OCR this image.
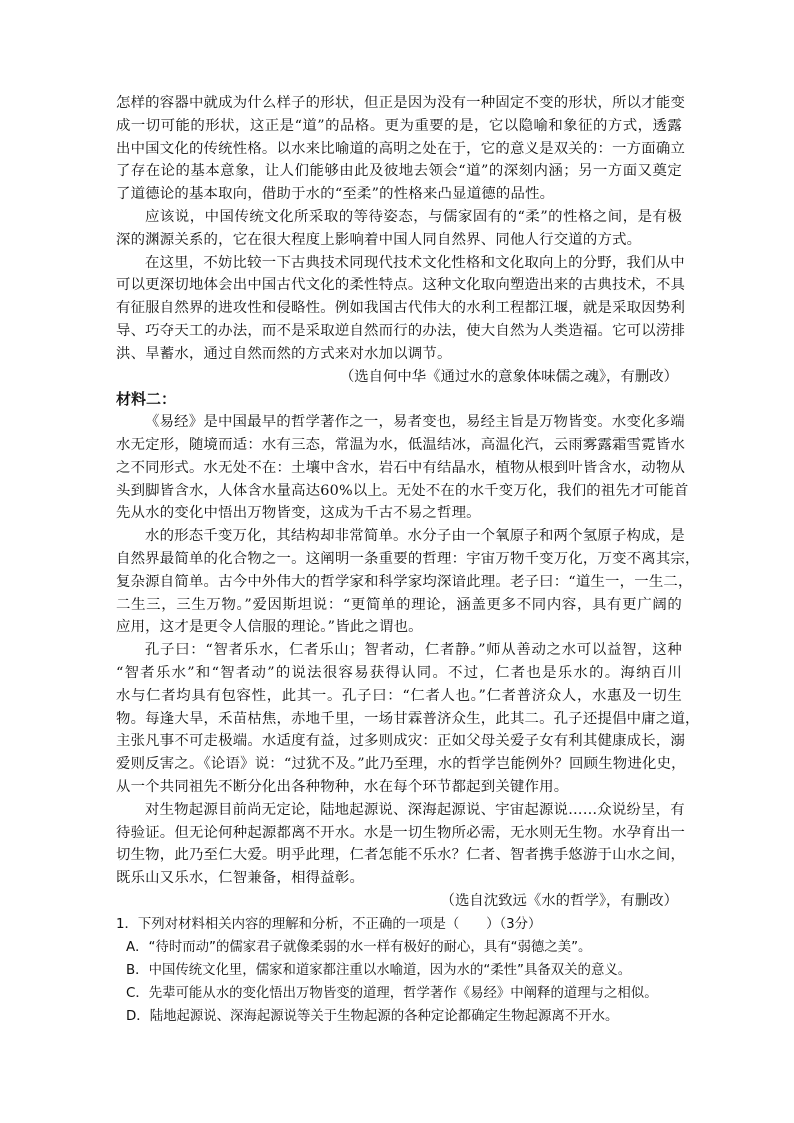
怎样的容器中就成为什么样子的形状，但正是因为没有一种固定不变的形状，所以才能变
成一切可能的形状，这正是“道”的品格。更为重要的是，它以隐喻和象征的方式，透露
出中国文化的传统性格。以水来比喻道的高明之处在于，它的意义是双关的：一方面确立
了存在论的基本意象，让人们能够由此及彼地去领会“道”的深刻内涵；另一方面又奠定
了道德论的基本取向，借助于水的“至柔”的性格来凸显道德的品性。
应该说，中国传统文化所采取的等待姿态，与儒家固有的“柔”的性格之间，是有极
深的渊源关系的，它在很大程度上影响着中国人同自然界、同他人行交道的方式。
在这里，不妨比较一下古典技术同现代技术文化性格和文化取向上的分野，我们从中
可以更深切地体会出中国古代文化的柔性特点。这种文化取向塑造出来的古典技术，不具
有征服自然界的进攻性和侵略性。例如我国古代伟大的水利工程都江堰，就是采取因势利
导、巧夺天工的办法，而不是采取逆自然而行的办法，使大自然为人类造福。它可以涝排
洪、旱蓄水，通过自然而然的方式来对水加以调节。
（选自何中华《通过水的意象体味儒之魂》，有删改）
材料二：
《易经》是中国最早的哲学著作之一，易者变也，易经主旨是万物皆变。水变化多端
水无定形，随境而适：水有三态，常温为水，低温结冰，高温化汽，云雨雾露霜雪霓皆水
之不同形式。水无处不在：土壤中含水，岩石中有结晶水，植物从根到叶皆含水，动物从
头到脚皆含水，人体含水量高达60%以上。无处不在的水千变万化，我们的祖先才可能首
先从水的变化中悟出万物皆变，这成为千古不易之哲理。
水的形态千变万化，其结构却非常简单。水分子由一个氧原子和两个氢原子构成，是
自然界最简单的化合物之一。这阐明一条重要的哲理：宇宙万物千变万化，万变不离其宗，
复杂源自简单。古今中外伟大的哲学家和科学家均深谙此理。老子曰：“道生一，一生二，
二生三，三生万物。”爱因斯坦说：“更简单的理论，涵盖更多不同内容，具有更广阔的
应用，这才是更令人信服的理论。”皆此之谓也。
孔子曰：“智者乐水，仁者乐山；智者动，仁者静。”师从善动之水可以益智，这种
“智者乐水”和“智者动”的说法很容易获得认同。不过，仁者也是乐水的。海纳百川
水与仁者均具有包容性，此其一。孔子曰：“仁者人也。”仁者普济众人，水惠及一切生
物。每逢大旱，禾苗枯焦，赤地千里，一场甘霖普济众生，此其二。孔子还提倡中庸之道，
主张凡事不可走极端。水适度有益，过多则成灾：正如父母关爱子女有利其健康成长，溺
爱则反害之。《论语》说：“过犹不及。”此乃至理，水的哲学岂能例外？回顾生物进化史，
从一个共同祖先不断分化出各种物种，水在每个环节都起到关键作用。
对生物起源目前尚无定论，陆地起源说、深海起源说、宇宙起源说……众说纷呈，有
待验证。但无论何种起源都离不开水。水是一切生物所必需，无水则无生物。水孕育出一
切生物，此乃至仁大爱。明乎此理，仁者怎能不乐水？仁者、智者携手悠游于山水之间，
既乐山又乐水，仁智兼备，相得益彰。
（选自沈致远《水的哲学》，有删改）
1．下列对材料相关内容的理解和分析，不正确的一项是（　　）（3分）
A．“待时而动”的儒家君子就像柔弱的水一样有极好的耐心，具有“弱德之美”。
B．中国传统文化里，儒家和道家都注重以水喻道，因为水的“柔性”具备双关的意义。
C．先辈可能从水的变化悟出万物皆变的道理，哲学著作《易经》中阐释的道理与之相似。
D．陆地起源说、深海起源说等关于生物起源的各种定论都确定生物起源离不开水。
